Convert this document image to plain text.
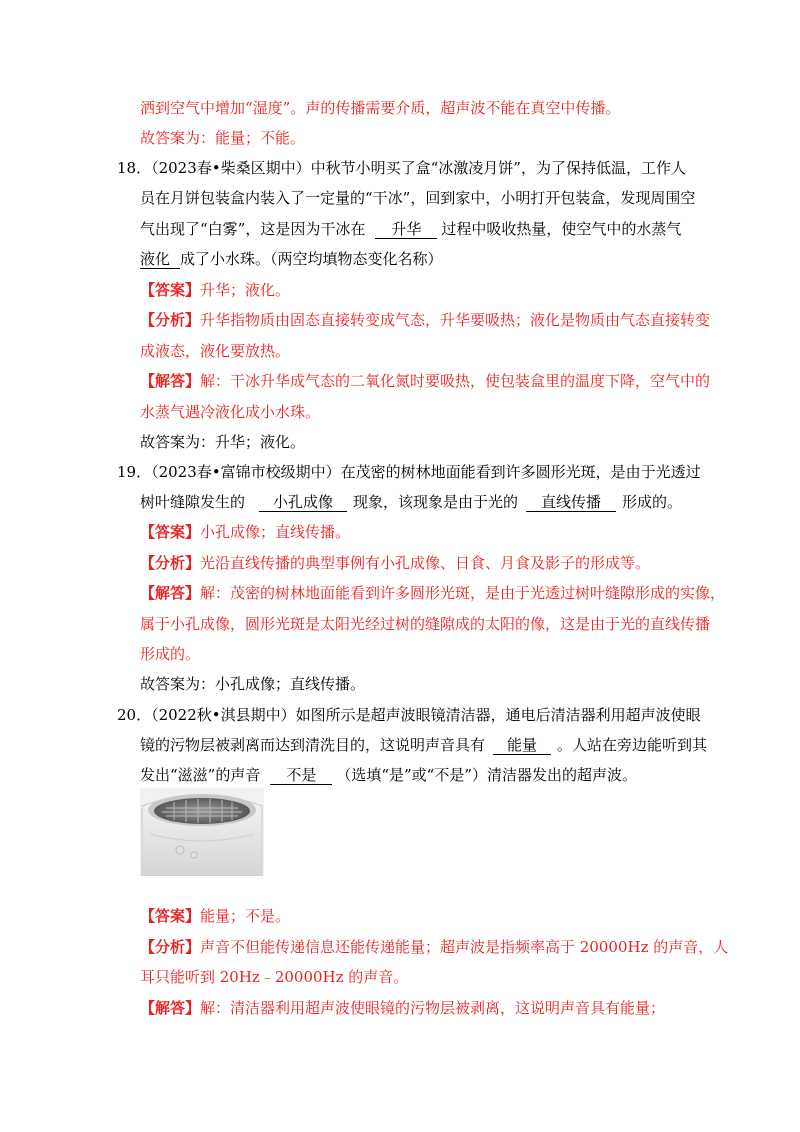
洒到空气中增加“湿度”。声的传播需要介质，超声波不能在真空中传播。
故答案为：能量；不能。
18．（2023春•柴桑区期中）中秋节小明买了盒“冰激凌月饼”，为了保持低温，工作人
员在月饼包装盒内装入了一定量的“干冰”，回到家中，小明打开包装盒，发现周围空
气出现了“白雾”，这是因为干冰在 升华 过程中吸收热量，使空气中的水蒸气
液化 成了小水珠。（两空均填物态变化名称）
【答案】升华；液化。
【分析】升华指物质由固态直接转变成气态，升华要吸热；液化是物质由气态直接转变
成液态，液化要放热。
【解答】解：干冰升华成气态的二氧化氮时要吸热，使包装盒里的温度下降，空气中的
水蒸气遇冷液化成小水珠。
故答案为：升华；液化。
19．（2023春•富锦市校级期中）在茂密的树林地面能看到许多圆形光斑，是由于光透过
树叶缝隙发生的 小孔成像 现象，该现象是由于光的 直线传播 形成的。
【答案】小孔成像；直线传播。
【分析】光沿直线传播的典型事例有小孔成像、日食、月食及影子的形成等。
【解答】解：茂密的树林地面能看到许多圆形光斑，是由于光透过树叶缝隙形成的实像，
属于小孔成像，圆形光斑是太阳光经过树的缝隙成的太阳的像，这是由于光的直线传播
形成的。
故答案为：小孔成像；直线传播。
20．（2022秋•淇县期中）如图所示是超声波眼镜清洁器，通电后清洁器利用超声波使眼
镜的污物层被剥离而达到清洗目的，这说明声音具有 能量 。人站在旁边能听到其
发出“滋滋”的声音 不是 （选填“是”或“不是”）清洁器发出的超声波。
【答案】能量；不是。
【分析】声音不但能传递信息还能传递能量；超声波是指频率高于 20000Hz 的声音，人
耳只能听到 20Hz﹣20000Hz 的声音。
【解答】解：清洁器利用超声波使眼镜的污物层被剥离，这说明声音具有能量；
